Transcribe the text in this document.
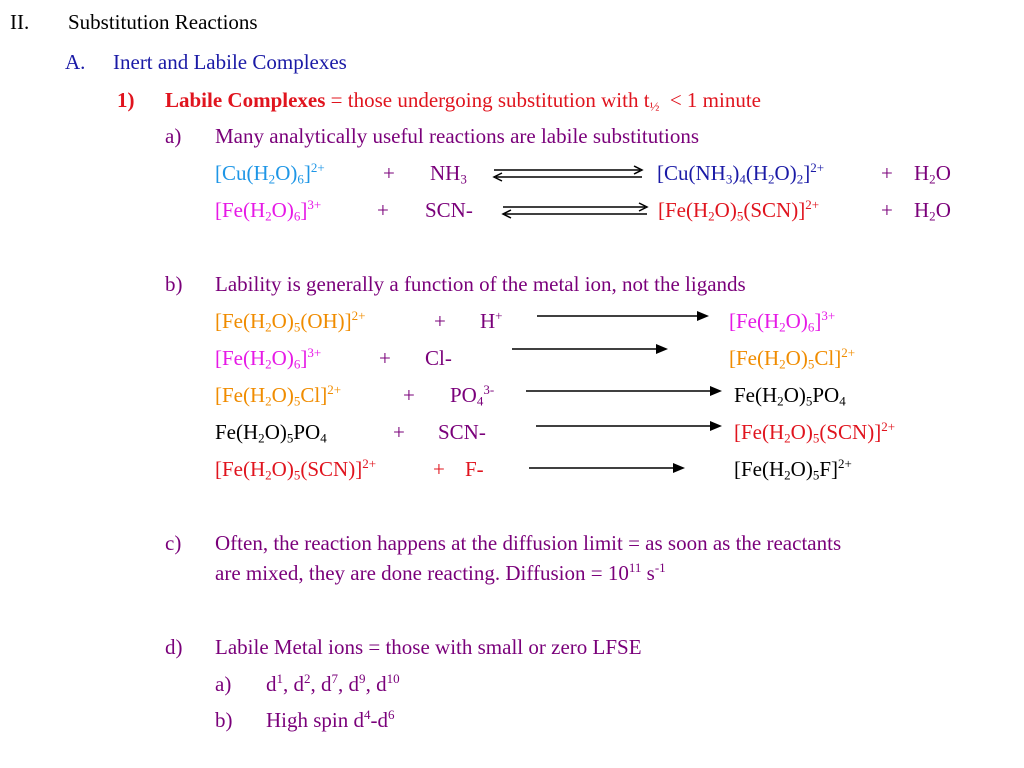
II. Substitution Reactions
A. Inert and Labile Complexes
1) Labile Complexes = those undergoing substitution with $t_{\frac{1}{2}} < 1$ minute
a) Many analytically useful reactions are labile substitutions
$[Cu(H_2O)_6]^{2+}$	+ $NH_3$	$[Cu(NH_3)_4(H_2O)_2]^{2+}$	+ $H_2O$
$[Fe(H_2O)_6]^{3+}$	+ SCN-	$[Fe(H_2O)_5(SCN)]^{2+}$	+ $H_2O$
b) Lability is generally a function of the metal ion, not the ligands
$[Fe(H_2O)_5(OH)]^{2+}$	+ H+	$[Fe(H_2O)_6]^{3+}$
$[Fe(H_2O)_6]^{3+}$	+ Cl-	$[Fe(H_2O)_5Cl]^{2+}$
$[Fe(H_2O)_5Cl]^{2+}$	+ $PO_4^{3-}$	$Fe(H_2O)_5PO_4$
$Fe(H_2O)_5PO_4$	+ SCN-	$[Fe(H_2O)_5(SCN)]^{2+}$
$[Fe(H_2O)_5(SCN)]^{2+}$	+ F-	$[Fe(H_2O)_5F]^{2+}$
c) Often, the reaction happens at the diffusion limit = as soon as the reactants
are mixed, they are done reacting. Diffusion = $10^{11}$ $s^{-1}$
d) Labile Metal ions = those with small or zero LFSE
a) $d^1$, $d^2$, $d^7$, $d^9$, $d^{10}$
b) High spin $d^4-d^6$
